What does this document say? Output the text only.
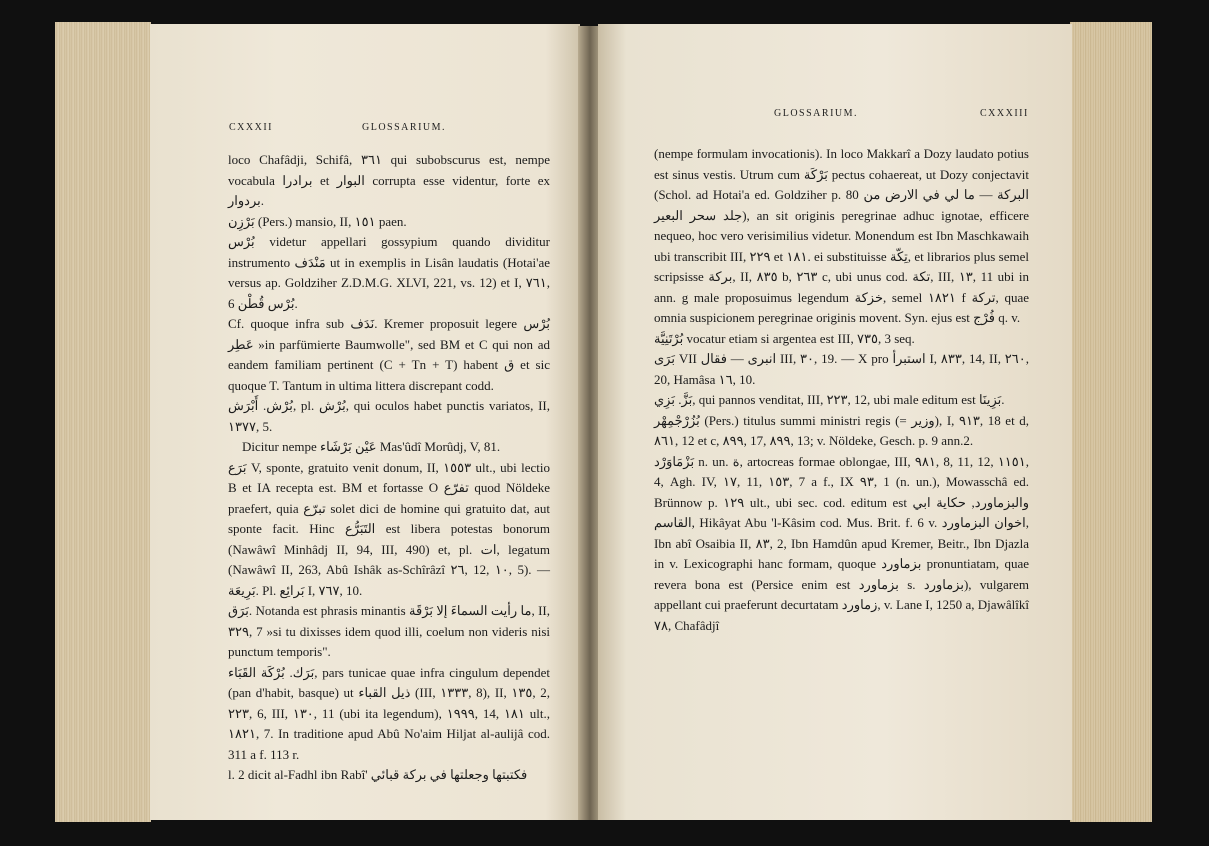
CXXXII	GLOSSARIUM.

loco Chafâdji, Schifâ, ٣٦١ qui subobscurus est, nempe vocabula برادرا et البوار corrupta esse videntur, forte ex بردوار.

بَرْزِن (Pers.) mansio, II, ١٥١ paen.

بُرْس videtur appellari gossypium quando dividitur instrumento مَنْدَف ut in exemplis in Lisân laudatis (Hotai'ae versus ap. Goldziher Z.D.M.G. XLVI, 221, vs. 12) et I, ٧٦١, 6 بُرْس قُطْن.

Cf. quoque infra sub نَدَف. Kremer proposuit legere بُرْس عَطِر »in parfümierte Baumwolle", sed BM et C qui non ad eandem familiam pertinent (C + Tn + T) habent ق et sic quoque T. Tantum in ultima littera discrepant codd.

بُرْش. أَبْرَش, pl. بُرْش, qui oculos habet punctis variatos, II, ١٣٧٧, 5.

Dicitur nempe عَيْن بَرْشَاء Mas'ûdî Morûdj, V, 81.

بَرَع V, sponte, gratuito venit donum, II, ١٥٥٣ ult., ubi lectio B et IA recepta est. BM et fortasse O تفرّع quod Nöldeke praefert, quia تبرّع solet dici de homine qui gratuito dat, aut sponte facit. Hinc التَبَرُّع est libera potestas bonorum (Nawâwî Minhâdj II, 94, III, 490) et, pl. ات, legatum (Nawâwî II, 263, Abû Ishâk as-Schîrâzî ٢٦, 12, ١٠, 5). — بَرِيعَة. Pl. بَرائِع I, ٧٦٧, 10.

بَرَق. Notanda est phrasis minantis ما رأيت السماءَ إلا بَرْقَة, II, ٣٢٩, 7 »si tu dixisses idem quod illi, coelum non videris nisi punctum temporis".

بَرَك. بُرْكَة القَبَاء, pars tunicae quae infra cingulum dependet (pan d'habit, basque) ut ذيل القباء (III, ١٣٣٣, 8), II, ١٣٥, 2, ٢٢٣, 6, III, ١٣٠, 11 (ubi ita legendum), ١٩٩٩, 14, ١٨١ ult., ١٨٢١, 7. In traditione apud Abû No'aim Hiljat al-aulijâ cod. 311 a f. 113 r.

l. 2 dicit al-Fadhl ibn Rabî' فكتبتها وجعلتها في بركة قبائي

GLOSSARIUM.	CXXXIII

(nempe formulam invocationis). In loco Makkarî a Dozy laudato potius est sinus vestis. Utrum cum بَرْكَة pectus cohaereat, ut Dozy conjectavit (Schol. ad Hotai'a ed. Goldziher p. 80 البركة — ما لي في الارض من جلد سحر البعير), an sit originis peregrinae adhuc ignotae, efficere nequeo, hoc vero verisimilius videtur. Monendum est Ibn Maschkawaih ubi transcribit III, ٢٢٩ et ١٨١. ei substituisse تِكّة, et librarios plus semel scripsisse بركة, II, ٨٣٥ b, ٢٦٣ c, ubi unus cod. تكة, III, ١٣, 11 ubi in ann. g male proposuimus legendum خزكة, semel ١٨٢١ f تركة, quae omnia suspicionem peregrinae originis movent. Syn. ejus est فُرْج q. v.

بُرْتَنِيَّة vocatur etiam si argentea est III, ٧٣٥, 3 seq.

بَرَى VII انبرى — فقال III, ٣٠, 19. — X pro استبرأ I, ٨٣٣, 14, II, ٢٦٠, 20, Hamâsa ١٦, 10.

بَزَّ. بَزِي, qui pannos venditat, III, ٢٢٣, 12, ubi male editum est بَزِينَا.

بُزُرْجْمِهْر (Pers.) titulus summi ministri regis (= وزير), I, ٩١٣, 18 et d, ٨٦١, 12 et c, ٨٩٩, 17, ٨٩٩, 13; v. Nöldeke, Gesch. p. 9 ann.2.

بَزْمَاوَرْد n. un. ة, artocreas formae oblongae, III, ٩٨١, 8, 11, 12, ١١٥١, 4, Agh. IV, ١٧, 11, ١٥٣, 7 a f., IX ٩٣, 1 (n. un.), Mowasschâ ed. Brünnow p. ١٢٩ ult., ubi sec. cod. editum est والبزماورد, حكاية ابي القاسم, Hikâyat Abu 'l-Kâsim cod. Mus. Brit. f. 6 v. اخوان البزماورد, Ibn abî Osaibia II, ٨٣, 2, Ibn Hamdûn apud Kremer, Beitr., Ibn Djazla in v. Lexicographi hanc formam, quoque بزماورد pronuntiatam, quae revera bona est (Persice enim est بزماورد s. بزماورد), vulgarem appellant cui praeferunt decurtatam زماورد, v. Lane I, 1250 a, Djawâlîkî ٧٨, Chafâdjî
